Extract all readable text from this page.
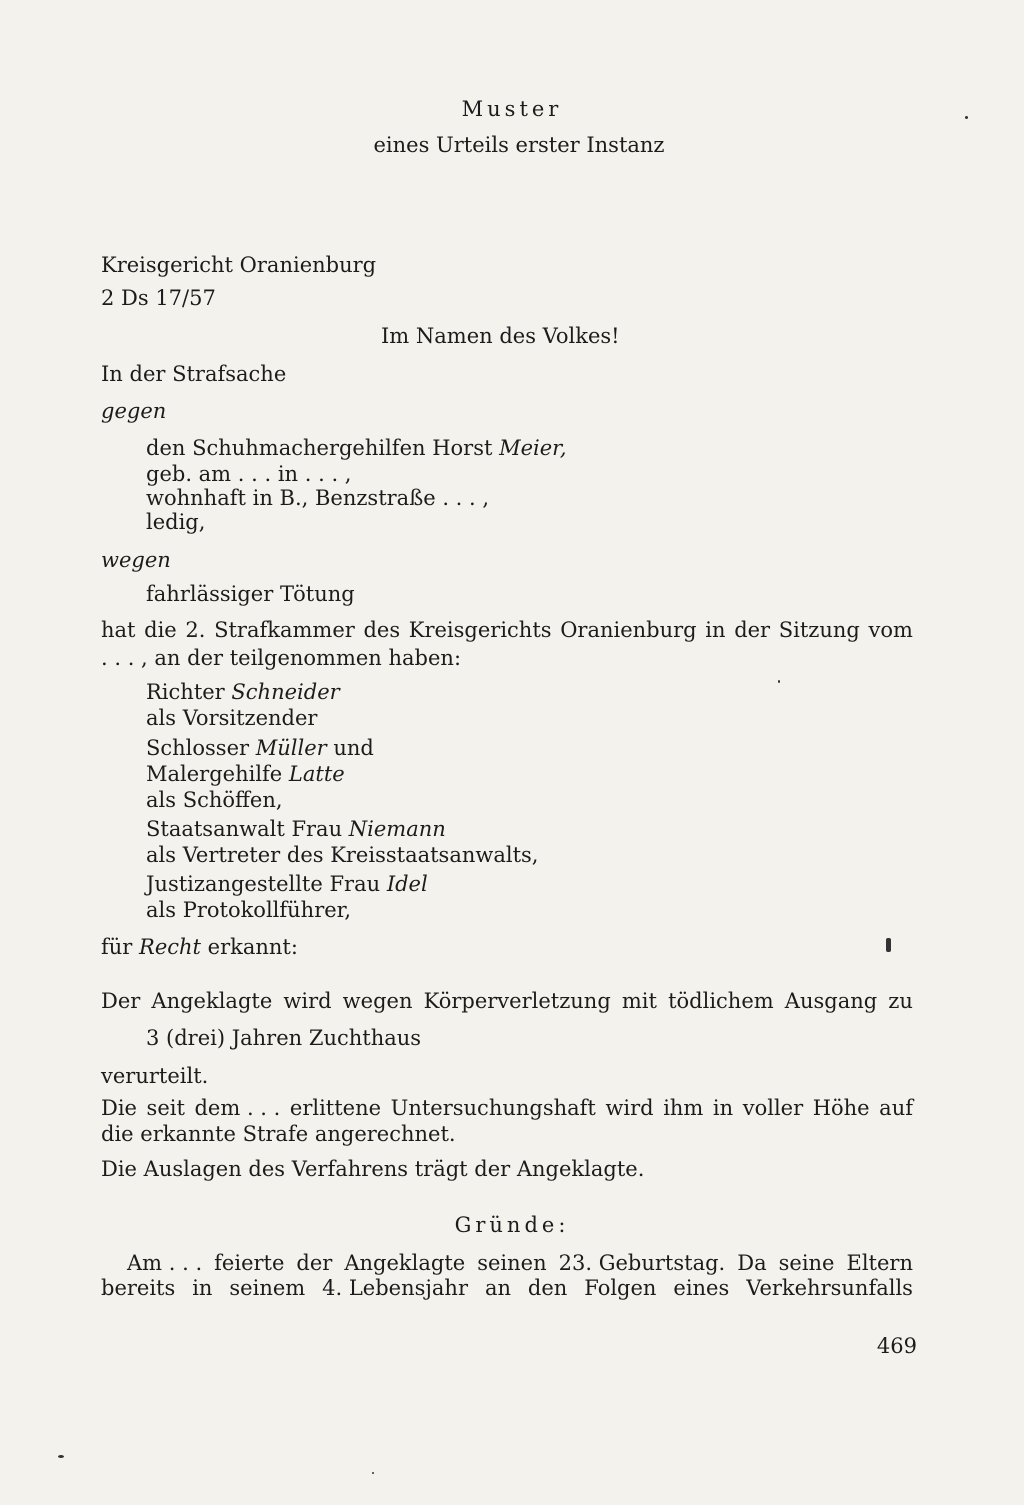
Muster
eines Urteils erster Instanz
Kreisgericht Oranienburg
2 Ds 17/57
Im Namen des Volkes!
In der Strafsache
gegen
den Schuhmachergehilfen Horst Meier,
geb. am . . . in . . . ,
wohnhaft in B., Benzstraße . . . ,
ledig,
wegen
fahrlässiger Tötung
hat die 2. Strafkammer des Kreisgerichts Oranienburg in der Sitzung vom
. . . , an der teilgenommen haben:
Richter Schneider
als Vorsitzender
Schlosser Müller und
Malergehilfe Latte
als Schöffen,
Staatsanwalt Frau Niemann
als Vertreter des Kreisstaatsanwalts,
Justizangestellte Frau Idel
als Protokollführer,
für Recht erkannt:
Der Angeklagte wird wegen Körperverletzung mit tödlichem Ausgang zu
3 (drei) Jahren Zuchthaus
verurteilt.
Die seit dem . . . erlittene Untersuchungshaft wird ihm in voller Höhe auf
die erkannte Strafe angerechnet.
Die Auslagen des Verfahrens trägt der Angeklagte.
Gründe:
Am . . . feierte der Angeklagte seinen 23. Geburtstag. Da seine Eltern
bereits in seinem 4. Lebensjahr an den Folgen eines Verkehrsunfalls
469
